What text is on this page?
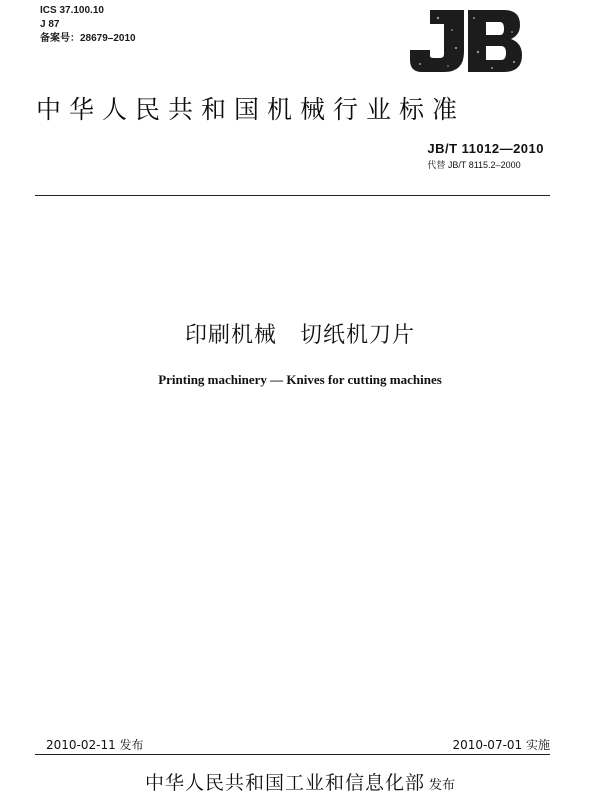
ICS 37.100.10
J 87
备案号：28679–2010
中华人民共和国机械行业标准
JB/T 11012—2010
代替 JB/T 8115.2–2000
印刷机械　切纸机刀片
Printing machinery — Knives for cutting machines
2010-02-11 发布	2010-07-01 实施
中华人民共和国工业和信息化部 发布
